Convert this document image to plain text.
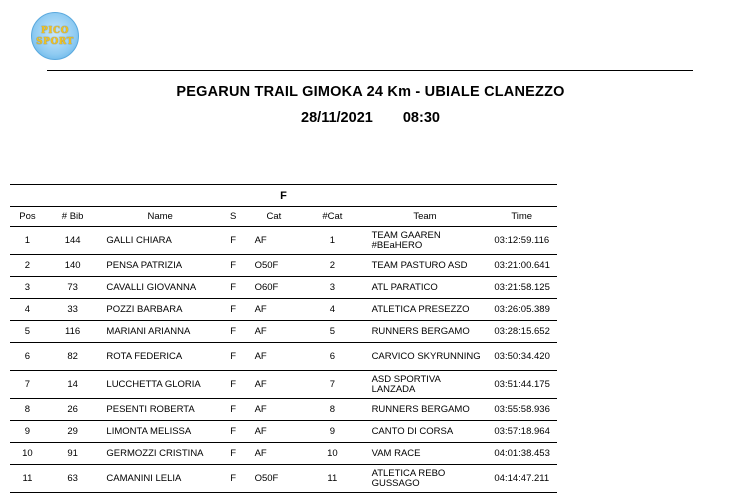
PICO
SPORT
PEGARUN TRAIL GIMOKA 24 Km - UBIALE CLANEZZO
28/11/2021 08:30
F							
Pos	# Bib	Name	S	Cat	#Cat	Team	Time
1	144	GALLI CHIARA	F	AF	1	TEAM GAAREN #BEaHERO	03:12:59.116
2	140	PENSA PATRIZIA	F	O50F	2	TEAM PASTURO ASD	03:21:00.641
3	73	CAVALLI GIOVANNA	F	O60F	3	ATL PARATICO	03:21:58.125
4	33	POZZI BARBARA	F	AF	4	ATLETICA PRESEZZO	03:26:05.389
5	116	MARIANI ARIANNA	F	AF	5	RUNNERS BERGAMO	03:28:15.652
6	82	ROTA FEDERICA	F	AF	6	CARVICO SKYRUNNING	03:50:34.420
7	14	LUCCHETTA GLORIA	F	AF	7	ASD SPORTIVA LANZADA	03:51:44.175
8	26	PESENTI ROBERTA	F	AF	8	RUNNERS BERGAMO	03:55:58.936
9	29	LIMONTA MELISSA	F	AF	9	CANTO DI CORSA	03:57:18.964
10	91	GERMOZZI CRISTINA	F	AF	10	VAM RACE	04:01:38.453
11	63	CAMANINI LELIA	F	O50F	11	ATLETICA REBO GUSSAGO	04:14:47.211
